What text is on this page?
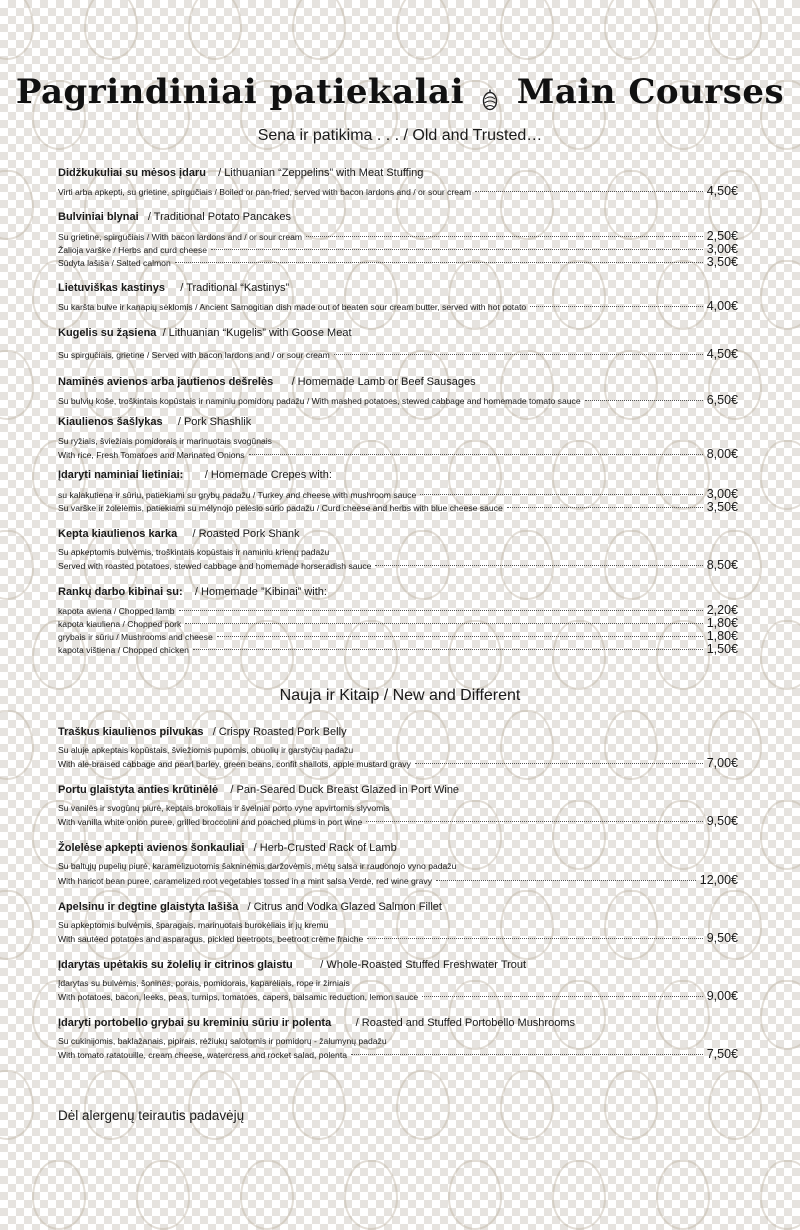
Pagrindiniai patiekalai Main Courses
Sena ir patikima . . . / Old and Trusted…
Didžkukuliai su mėsos įdaru / Lithuanian “Zeppelins” with Meat Stuffing
Virti arba apkepti, su grietine, spirgučiais / Boiled or pan-fried, served with bacon lardons and / or sour cream	4,50€
Bulviniai blynai / Traditional Potato Pancakes
Su grietine, spirgučiais / With bacon lardons and / or sour cream	2,50€
Žalioja varške / Herbs and curd cheese	3,00€
Sūdyta lašiša / Salted calmon	3,50€
Lietuviškas kastinys / Traditional “Kastinys”
Su karšta bulve ir kanapių sėklomis / Ancient Samogitian dish made out of beaten sour cream butter, served with hot potato	4,00€
Kugelis su žąsiena / Lithuanian “Kugelis” with Goose Meat
Su spirgučiais, grietine / Served with bacon lardons and / or sour cream	4,50€
Naminės avienos arba jautienos dešrelės / Homemade Lamb or Beef Sausages
Su bulvių koše, troškintais kopūstais ir naminiu pomidorų padažu / With mashed potatoes, stewed cabbage and homemade tomato sauce	6,50€
Kiaulienos šašlykas / Pork Shashlik
Su ryžiais, šviežiais pomidorais ir marinuotais svogūnais
With rice, Fresh Tomatoes and Marinated Onions	8,00€
Įdaryti naminiai lietiniai: / Homemade Crepes with:
su kalakutiena ir sūriu, patiekiami su grybų padažu / Turkey and cheese with mushroom sauce	3,00€
Su varške ir žolelėmis, patiekiami su mėlynojo pelėsio sūrio padažu / Curd cheese and herbs with blue cheese sauce	3,50€
Kepta kiaulienos karka / Roasted Pork Shank
Su apkeptomis bulvėmis, troškintais kopūstais ir naminiu krienų padažu
Served with roasted potatoes, stewed cabbage and homemade horseradish sauce	8,50€
Rankų darbo kibinai su: / Homemade ”Kibinai” with:
kapota aviena / Chopped lamb	2,20€
kapota kiauliena / Chopped pork	1,80€
grybais ir sūriu / Mushrooms and cheese	1,80€
kapota vištiena / Chopped chicken	1,50€
Nauja ir Kitaip / New and Different
Traškus kiaulienos pilvukas / Crispy Roasted Pork Belly
Su aluje apkeptais kopūstais, šviežiomis pupomis, obuolių ir garstyčių padažu
With ale-braised cabbage and pearl barley, green beans, confit shallots, apple mustard gravy	7,00€
Portu glaistyta anties krūtinėlė / Pan-Seared Duck Breast Glazed in Port Wine
Su vanilės ir svogūnų piurė, keptais brokoliais ir švelniai porto vyne apvirtomis slyvomis
With vanilla white onion puree, grilled broccolini and poached plums in port wine	9,50€
Žolelėse apkepti avienos šonkauliai / Herb-Crusted Rack of Lamb
Su baltųjų pupelių piurė, karamelizuotomis šakninėmis daržovėmis, mėtų salsa ir raudonojo vyno padažu
With haricot bean puree, caramelized root vegetables tossed in a mint salsa Verde, red wine gravy	12,00€
Apelsinu ir degtine glaistyta lašiša / Citrus and Vodka Glazed Salmon Fillet
Su apkeptomis bulvėmis, šparagais, marinuotais burokėliais ir jų kremu
With sautéed potatoes and asparagus, pickled beetroots, beetroot crème fraiche	9,50€
Įdarytas upėtakis su žolelių ir citrinos glaistu	/ Whole-Roasted Stuffed Freshwater Trout
Įdarytas su bulvėmis, šoninės, porais, pomidorais, kaparėliais, rope ir žirniais
With potatoes, bacon, leeks, peas, turnips, tomatoes, capers, balsamic reduction, lemon sauce	9,00€
Įdaryti portobello grybai su kreminiu sūriu ir polenta / Roasted and Stuffed Portobello Mushrooms
Su cukinijomis, baklažanais, pipirais, rėžiukų salotomis ir pomidorų - žalumynų padažu
With tomato ratatouille, cream cheese, watercress and rocket salad, polenta	7,50€
Dėl alergenų teirautis padavėjų
